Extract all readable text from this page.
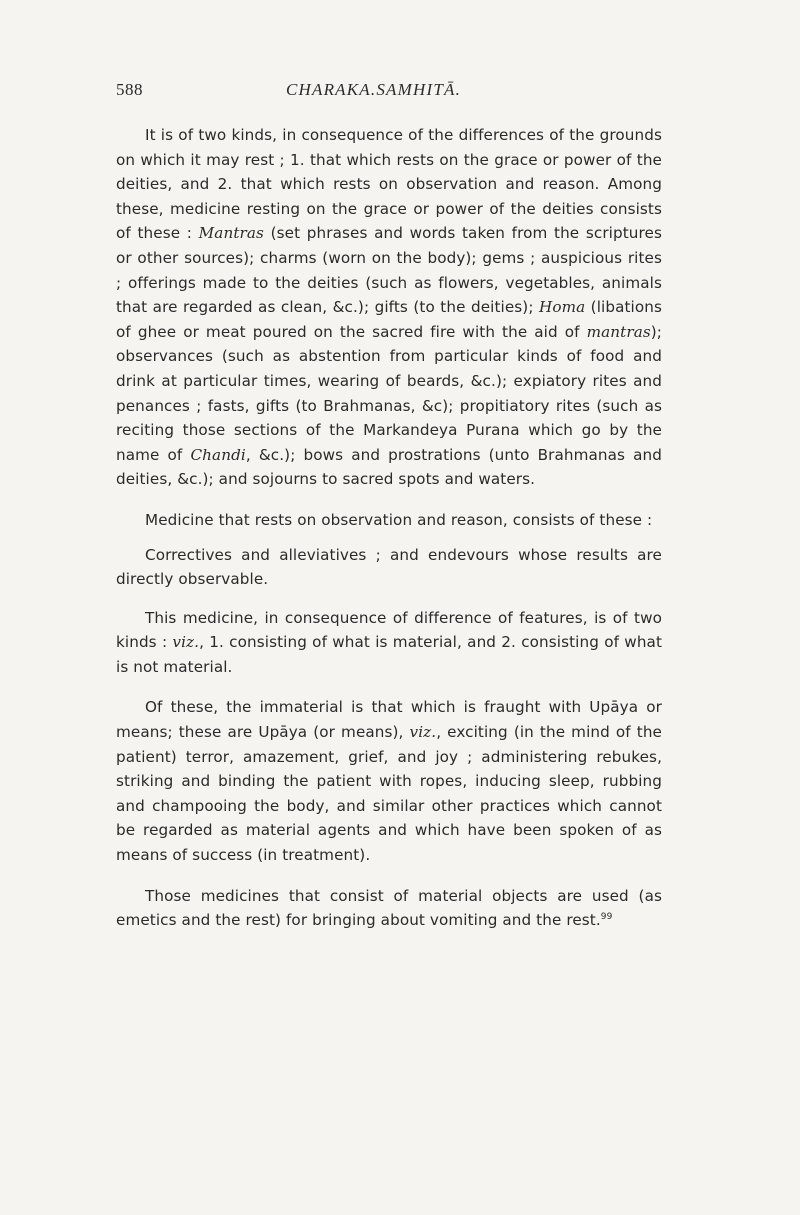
588	CHARAKA.SAMHITĀ.

It is of two kinds, in consequence of the differences of the grounds on which it may rest ; 1. that which rests on the grace or power of the deities, and 2. that which rests on observation and reason. Among these, medicine resting on the grace or power of the deities consists of these : Mantras (set phrases and words taken from the scriptures or other sources); charms (worn on the body); gems ; auspicious rites ; offerings made to the deities (such as flowers, vegetables, animals that are regarded as clean, &c.); gifts (to the deities); Homa (libations of ghee or meat poured on the sacred fire with the aid of mantras); observances (such as abstention from particular kinds of food and drink at particular times, wearing of beards, &c.); expiatory rites and penances ; fasts, gifts (to Brahmanas, &c); propitiatory rites (such as reciting those sections of the Markandeya Purana which go by the name of Chandi, &c.); bows and prostrations (unto Brahmanas and deities, &c.); and sojourns to sacred spots and waters.

Medicine that rests on observation and reason, consists of these :

Correctives and alleviatives ; and endevours whose results are directly observable.

This medicine, in consequence of difference of features, is of two kinds : viz., 1. consisting of what is material, and 2. consisting of what is not material.

Of these, the immaterial is that which is fraught with Upāya or means; these are Upāya (or means), viz., exciting (in the mind of the patient) terror, amazement, grief, and joy ; administering rebukes, striking and binding the patient with ropes, inducing sleep, rubbing and champooing the body, and similar other practices which cannot be regarded as material agents and which have been spoken of as means of success (in treatment).

Those medicines that consist of material objects are used (as emetics and the rest) for bringing about vomiting and the rest.$^{99}$
